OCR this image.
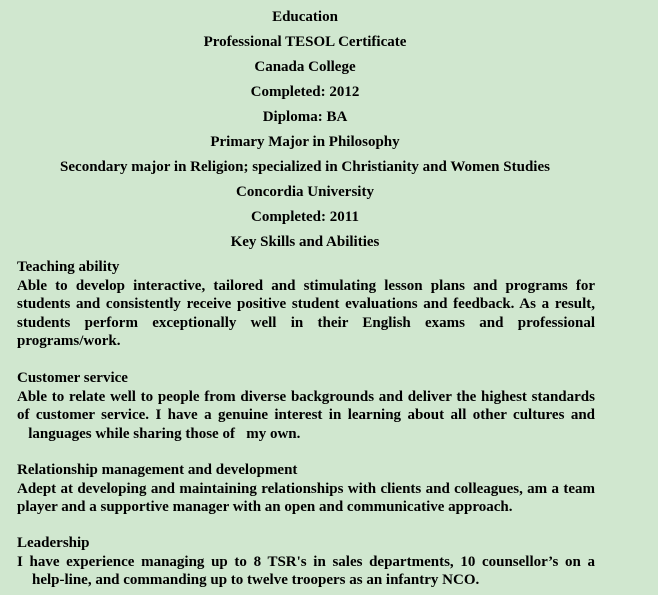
Education
Professional TESOL Certificate
Canada College
Completed: 2012
Diploma: BA
Primary Major in Philosophy
Secondary major in Religion; specialized in Christianity and Women Studies
Concordia University
Completed: 2011
Key Skills and Abilities
Teaching ability
Able to develop interactive, tailored and stimulating lesson plans and programs for students and consistently receive positive student evaluations and feedback. As a result, students perform exceptionally well in their English exams and professional programs/work.
Customer service
Able to relate well to people from diverse backgrounds and deliver the highest standards of customer service. I have a genuine interest in learning about all other cultures and   languages while sharing those of my own.
Relationship management and development
Adept at developing and maintaining relationships with clients and colleagues, am a team player and a supportive manager with an open and communicative approach.
Leadership
I have experience managing up to 8 TSR's in sales departments, 10 counsellor’s on a    help-line, and commanding up to twelve troopers as an infantry NCO.
